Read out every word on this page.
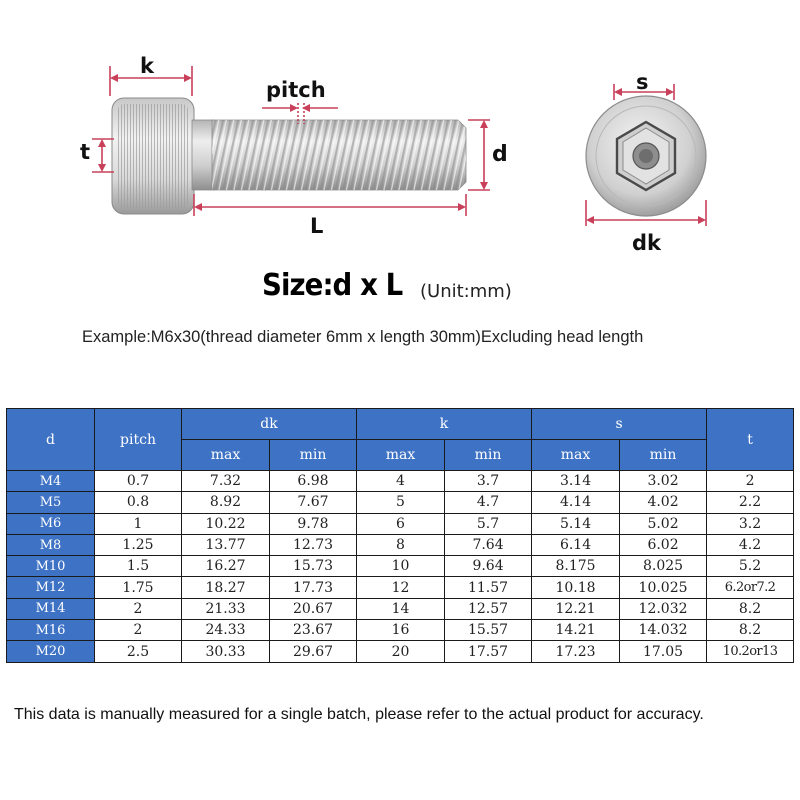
k
pitch
t	d
L
s
dk
Size:d x L (Unit:mm)
Example:M6x30(thread diameter 6mm x length 30mm)Excluding head length
d	pitch	dk		k		s		t
		max	min	max	min	max	min	
M4	0.7	7.32	6.98	4	3.7	3.14	3.02	2
M5	0.8	8.92	7.67	5	4.7	4.14	4.02	2.2
M6	1	10.22	9.78	6	5.7	5.14	5.02	3.2
M8	1.25	13.77	12.73	8	7.64	6.14	6.02	4.2
M10	1.5	16.27	15.73	10	9.64	8.175	8.025	5.2
M12	1.75	18.27	17.73	12	11.57	10.18	10.025	6.2or7.2
M14	2	21.33	20.67	14	12.57	12.21	12.032	8.2
M16	2	24.33	23.67	16	15.57	14.21	14.032	8.2
M20	2.5	30.33	29.67	20	17.57	17.23	17.05	10.2or13
This data is manually measured for a single batch, please refer to the actual product for accuracy.
